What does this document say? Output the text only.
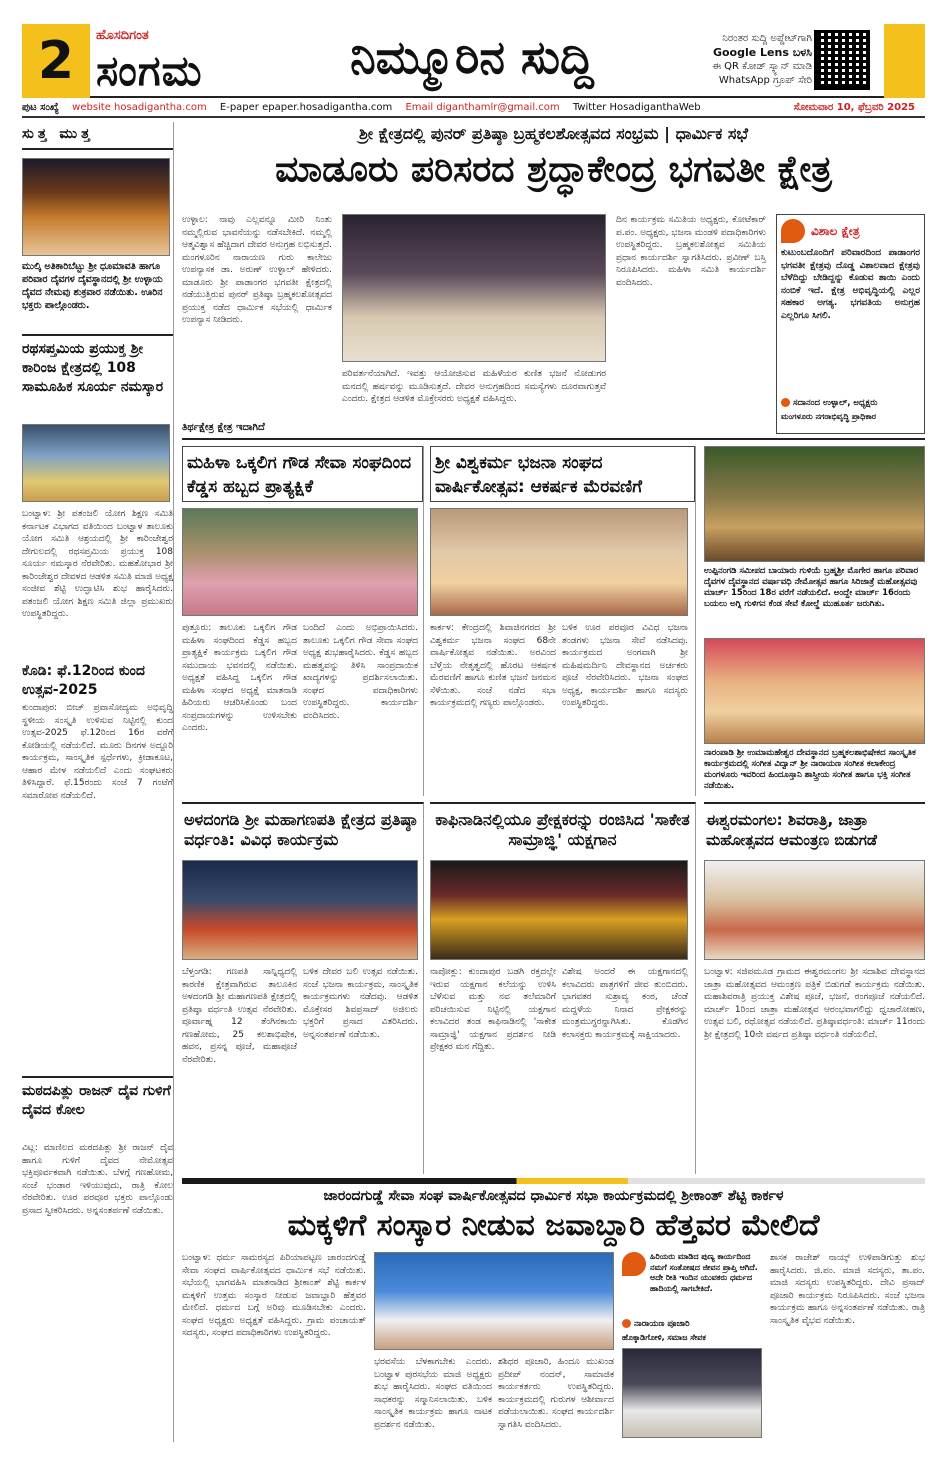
2	ಹೊಸದಿಗಂತ
ಸಂಗಮ	ನಿಮ್ಮೂರಿನ ಸುದ್ದಿ	ನಿರಂತರ ಸುದ್ದಿ ಅಪ್ಡೇಟ್‌ಗಾಗಿ
Google Lens ಬಳಸಿ
ಈ QR ಕೋಡ್ ಸ್ಕ್ಯಾನ್ ಮಾಡಿ
WhatsApp ಗ್ರೂಪ್ ಸೇರಿ
ಪುಟ ಸಂಖ್ಯೆ website hosadigantha.com E-paper epaper.hosadigantha.com Email diganthamlr@gmail.com Twitter HosadiganthaWeb	ಸೋಮವಾರ 10, ಫೆಬ್ರವರಿ 2025
ಸುತ್ತ ಮುತ್ತ
ಮುಲ್ಕಿ ಅತಿಕಾರಿಬೆಟ್ಟು ಶ್ರೀ ಧೂಮಾವತಿ ಹಾಗೂ ಪರಿವಾರ ದೈವಗಳ ದೈವಸ್ಥಾನದಲ್ಲಿ ಶ್ರೀ ಉಳ್ಳಾಯ ದೈವದ ನೇಮವು ಶುಕ್ರವಾರ ನಡೆಯಿತು. ಊರಿನ ಭಕ್ತರು ಪಾಲ್ಗೊಂಡರು.
ರಥಸಪ್ತಮಿಯ ಪ್ರಯುಕ್ತ ಶ್ರೀ ಕಾರಿಂಜ ಕ್ಷೇತ್ರದಲ್ಲಿ 108 ಸಾಮೂಹಿಕ ಸೂರ್ಯ ನಮಸ್ಕಾರ
ಬಂಟ್ವಾಳ: ಶ್ರೀ ಪತಂಜಲಿ ಯೋಗ ಶಿಕ್ಷಣ ಸಮಿತಿ ಕರ್ನಾಟಕ ವಿಭಾಗದ ವತಿಯಿಂದ ಬಂಟ್ವಾಳ ತಾಲೂಕು ಯೋಗ ಸಮಿತಿ ಆಶ್ರಯದಲ್ಲಿ ಶ್ರೀ ಕಾರಿಂಜೇಶ್ವರ ದೇಗುಲದಲ್ಲಿ ರಥಸಪ್ತಮಿಯ ಪ್ರಯುಕ್ತ 108 ಸೂರ್ಯ ನಮಸ್ಕಾರ ನೆರವೇರಿತು. ಮಹತೋಭಾರ ಶ್ರೀ ಕಾರಿಂಜೇಶ್ವರ ದೇವಳದ ಆಡಳಿತ ಸಮಿತಿ ಮಾಜಿ ಅಧ್ಯಕ್ಷ ಸಂಜೀವ ಶೆಟ್ಟಿ ಉದ್ಘಾಟಿಸಿ ಶುಭ ಹಾರೈಸಿದರು. ಪತಂಜಲಿ ಯೋಗ ಶಿಕ್ಷಣ ಸಮಿತಿ ಜಿಲ್ಲಾ ಪ್ರಮುಖರು ಉಪಸ್ಥಿತರಿದ್ದರು.
ಕೊಡಿ: ಫೆ.12ರಿಂದ ಕುಂದ ಉತ್ಸವ-2025
ಕುಂದಾಪುರ: ಬೀಚ್ ಪ್ರವಾಸೋದ್ಯಮ ಅಭಿವೃದ್ಧಿ ಸ್ಥಳೀಯ ಸಂಸ್ಕೃತಿ ಉಳಿಸುವ ನಿಟ್ಟಿನಲ್ಲಿ ಕುಂದ ಉತ್ಸವ-2025 ಫೆ.12ರಿಂದ 16ರ ವರೆಗೆ ಕೋಡಿಯಲ್ಲಿ ನಡೆಯಲಿದೆ. ಮೂರು ದಿನಗಳ ಅದ್ದೂರಿ ಕಾರ್ಯಕ್ರಮ, ಸಾಂಸ್ಕೃತಿಕ ಸ್ಪರ್ಧೆಗಳು, ಕ್ರೀಡಾಕೂಟ, ಆಹಾರ ಮೇಳ ನಡೆಯಲಿದೆ ಎಂದು ಸಂಘಟಕರು ತಿಳಿಸಿದ್ದಾರೆ. ಫೆ.15ರಂದು ಸಂಜೆ 7 ಗಂಟೆಗೆ ಸಮಾರೋಪ ನಡೆಯಲಿದೆ.
ಮಠದಪಿತ್ಲು ರಾಜನ್ ದೈವ ಗುಳಿಗೆ ದೈವದ ಕೋಲ
ವಿಟ್ಲ: ಮಾಣಿಲದ ಮಠದಪಿತ್ಲು ಶ್ರೀ ರಾಜನ್ ದೈವ ಹಾಗೂ ಗುಳಿಗೆ ದೈವದ ನೇಮೋತ್ಸವ ಭಕ್ತಿಪೂರ್ವಕವಾಗಿ ನಡೆಯಿತು. ಬೆಳಗ್ಗೆ ಗಣಹೋಮ, ಸಂಜೆ ಭಂಡಾರ ಇಳಿಯುವುದು, ರಾತ್ರಿ ಕೋಲ ನೆರವೇರಿತು. ಊರ ಪರವೂರ ಭಕ್ತರು ಪಾಲ್ಗೊಂಡು ಪ್ರಸಾದ ಸ್ವೀಕರಿಸಿದರು. ಅನ್ನಸಂತರ್ಪಣೆ ನಡೆಯಿತು.
ಶ್ರೀ ಕ್ಷೇತ್ರದಲ್ಲಿ ಪುನರ್ ಪ್ರತಿಷ್ಠಾ ಬ್ರಹ್ಮಕಲಶೋತ್ಸವದ ಸಂಭ್ರಮ | ಧಾರ್ಮಿಕ ಸಭೆ
ಮಾಡೂರು ಪರಿಸರದ ಶ್ರದ್ಧಾಕೇಂದ್ರ ಭಗವತೀ ಕ್ಷೇತ್ರ
ಉಳ್ಳಾಲ: ನಾವು ಎಲ್ಲವನ್ನೂ ಮೀರಿ ನಿಂತು ನಮ್ಮಲ್ಲಿರುವ ಭಾವನೆಯನ್ನು ನಡೆಸಬೇಕಿದೆ. ನಮ್ಮಲ್ಲಿ ಆತ್ಮವಿಶ್ವಾಸ ಹೆಚ್ಚಿದಾಗ ದೇವರ ಅನುಗ್ರಹ ಲಭಿಸುತ್ತದೆ. ಮಂಗಳೂರಿನ ನಾರಾಯಣ ಗುರು ಕಾಲೇಜು ಉಪನ್ಯಾಸಕ ಡಾ. ಅರುಣ್ ಉಳ್ಳಾಲ್ ಹೇಳಿದರು. ಮಾಡೂರು ಶ್ರೀ ಪಾಡಾಂಗರ ಭಗವತೀ ಕ್ಷೇತ್ರದಲ್ಲಿ ನಡೆಯುತ್ತಿರುವ ಪುನರ್ ಪ್ರತಿಷ್ಠಾ ಬ್ರಹ್ಮಕಲಶೋತ್ಸವದ ಪ್ರಯುಕ್ತ ನಡೆದ ಧಾರ್ಮಿಕ ಸಭೆಯಲ್ಲಿ ಧಾರ್ಮಿಕ ಉಪನ್ಯಾಸ ನೀಡಿದರು.
ಪರಿವರ್ತನೆಯಾಗಿದೆ. ಇವತ್ತು ಆಯೋಜಿಸುವ ಮಹಿಳೆಯರ ಕುಣಿತ ಭಜನೆ ನೋಡುಗರ ಮನದಲ್ಲಿ ಹರ್ಷವನ್ನು ಮೂಡಿಸುತ್ತದೆ. ದೇವರ ಅನುಗ್ರಹದಿಂದ ಸಮಸ್ಯೆಗಳು ದೂರವಾಗುತ್ತವೆ ಎಂದರು. ಕ್ಷೇತ್ರದ ಆಡಳಿತ ಮೊಕ್ತೇಸರರು ಅಧ್ಯಕ್ಷತೆ ವಹಿಸಿದ್ದರು.
ದಿನ ಕಾರ್ಯಕ್ರಮ ಸಮಿತಿಯ ಅಧ್ಯಕ್ಷರು, ಕೋಟೆಕಾರ್ ಪ.ಪಂ. ಅಧ್ಯಕ್ಷರು, ಭಜನಾ ಮಂಡಳಿ ಪದಾಧಿಕಾರಿಗಳು ಉಪಸ್ಥಿತರಿದ್ದರು. ಬ್ರಹ್ಮಕಲಶೋತ್ಸವ ಸಮಿತಿಯ ಪ್ರಧಾನ ಕಾರ್ಯದರ್ಶಿ ಸ್ವಾಗತಿಸಿದರು. ಪ್ರವೀಣ್ ಬಸ್ತಿ ನಿರೂಪಿಸಿದರು. ಮಹಿಳಾ ಸಮಿತಿ ಕಾರ್ಯದರ್ಶಿ ವಂದಿಸಿದರು.
ತಿರ್ಥಕ್ಷೇತ್ರ ಕ್ಷೇತ್ರ ಇದಾಗಿದೆ
ವಿಶಾಲ ಕ್ಷೇತ್ರ
ಕುಟುಂಬದೊಂದಿಗೆ ಪರಿವಾರದಿಂದ ಪಾಡಾಂಗರ ಭಗವತೀ ಕ್ಷೇತ್ರವು ದೊಡ್ಡ ವಿಶಾಲವಾದ ಕ್ಷೇತ್ರವು ಬೆಳೆದಿದ್ದು ಬೇಡಿದ್ದನ್ನು ಕೊಡುವ ತಾಯಿ ಎಂದು ನಂಬಿಕೆ ಇದೆ. ಕ್ಷೇತ್ರ ಅಭಿವೃದ್ಧಿಯಲ್ಲಿ ಎಲ್ಲರ ಸಹಕಾರ ಅಗತ್ಯ. ಭಗವತಿಯ ಅನುಗ್ರಹ ಎಲ್ಲರಿಗೂ ಸಿಗಲಿ.
ಸದಾನಂದ ಉಳ್ಳಾಲ್, ಅಧ್ಯಕ್ಷರು
ಮಂಗಳೂರು ನಗರಾಭಿವೃದ್ಧಿ ಪ್ರಾಧಿಕಾರ
ಮಹಿಳಾ ಒಕ್ಕಲಿಗ ಗೌಡ ಸೇವಾ ಸಂಘದಿಂದ ಕೆಡ್ಡಸ ಹಬ್ಬದ ಪ್ರಾತ್ಯಕ್ಷಿಕೆ
ಪುತ್ತೂರು: ತಾಲೂಕು ಒಕ್ಕಲಿಗ ಗೌಡ ಮಹಿಳಾ ಸಂಘದಿಂದ ಕೆಡ್ಡಸ ಹಬ್ಬದ ಪ್ರಾತ್ಯಕ್ಷಿಕೆ ಕಾರ್ಯಕ್ರಮ ಒಕ್ಕಲಿಗ ಗೌಡ ಸಮುದಾಯ ಭವನದಲ್ಲಿ ನಡೆಯಿತು. ಅಧ್ಯಕ್ಷತೆ ವಹಿಸಿದ್ದ ಒಕ್ಕಲಿಗ ಗೌಡ ಮಹಿಳಾ ಸಂಘದ ಅಧ್ಯಕ್ಷೆ ಮಾತನಾಡಿ ಹಿರಿಯರು ಆಚರಿಸಿಕೊಂಡು ಬಂದ ಸಂಪ್ರದಾಯಗಳನ್ನು ಉಳಿಸಬೇಕು ಎಂದರು.
ಬಂದಿದೆ ಎಂದು ಅಭಿಪ್ರಾಯಿಸಿದರು. ತಾಲೂಕು ಒಕ್ಕಲಿಗ ಗೌಡ ಸೇವಾ ಸಂಘದ ಅಧ್ಯಕ್ಷ ಶುಭಹಾರೈಸಿದರು. ಕೆಡ್ಡಸ ಹಬ್ಬದ ಮಹತ್ವವನ್ನು ತಿಳಿಸಿ ಸಾಂಪ್ರದಾಯಿಕ ಖಾದ್ಯಗಳನ್ನು ಪ್ರದರ್ಶಿಸಲಾಯಿತು. ಸಂಘದ ಪದಾಧಿಕಾರಿಗಳು ಉಪಸ್ಥಿತರಿದ್ದರು. ಕಾರ್ಯದರ್ಶಿ ವಂದಿಸಿದರು.
ಶ್ರೀ ವಿಶ್ವಕರ್ಮ ಭಜನಾ ಸಂಘದ ವಾರ್ಷಿಕೋತ್ಸವ: ಆಕರ್ಷಕ ಮೆರವಣಿಗೆ
ಕಾರ್ಕಳ: ಕೇಂದ್ರದಲ್ಲಿ ಶಿವಾಜಿನಗರದ ಶ್ರೀ ವಿಶ್ವಕರ್ಮ ಭಜನಾ ಸಂಘದ 68ನೇ ವಾರ್ಷಿಕೋತ್ಸವ ನಡೆಯಿತು. ಅರವಿಂದ ಬೆಳ್ತೆಯ ನೇತೃತ್ವದಲ್ಲಿ ಹೊರಟ ಆಕರ್ಷಕ ಮೆರವಣಿಗೆ ಹಾಗೂ ಕುಣಿತ ಭಜನೆ ಜನಮನ ಸೆಳೆಯಿತು. ಸಂಜೆ ನಡೆದ ಸಭಾ ಕಾರ್ಯಕ್ರಮದಲ್ಲಿ ಗಣ್ಯರು ಪಾಲ್ಗೊಂಡರು.
ಬಳಿಕ ಊರ ಪರವೂರ ವಿವಿಧ ಭಜನಾ ತಂಡಗಳು ಭಜನಾ ಸೇವೆ ನಡೆಸಿದವು. ಕಾರ್ಯಕ್ರಮದ ಅಂಗವಾಗಿ ಶ್ರೀ ಮಹಿಷಮರ್ದಿನಿ ದೇವಸ್ಥಾನದ ಅರ್ಚಕರು ಪೂಜೆ ನೆರವೇರಿಸಿದರು. ಭಜನಾ ಸಂಘದ ಅಧ್ಯಕ್ಷ, ಕಾರ್ಯದರ್ಶಿ ಹಾಗೂ ಸದಸ್ಯರು ಉಪಸ್ಥಿತರಿದ್ದರು.
ಉಪ್ಪಿನಂಗಡಿ ಸಮೀಪದ ಬಾಯಾರು ಗುಳಿಯೆ ಬ್ರಹ್ಮಶ್ರೀ ಮೊಗೇರ ಹಾಗೂ ಪರಿವಾರ ದೈವಗಳ ದೈವಸ್ಥಾನದ ವರ್ಷಾವಧಿ ನೇಮೋತ್ಸವ ಹಾಗೂ ಸಿರಿಜಾತ್ರೆ ಮಹೋತ್ಸವವು ಮಾರ್ಚ್ 15ರಿಂದ 18ರ ವರೆಗೆ ನಡೆಯಲಿದೆ. ಅಂದ್ದೇ ಮಾರ್ಚ್ 16ರಂದು ಬಯಲು ಅಗ್ನಿ ಗುಳಿಗನ ಕೆಂಡ ಸೇವೆ ಕೋಲ್ಡೆ ಮುಹೂರ್ತ ಜರುಗಿತು.
ನಾರಂಪಾಡಿ ಶ್ರೀ ಉಮಾಮಹೇಶ್ವರ ದೇವಸ್ಥಾನದ ಬ್ರಹ್ಮಕಲಶಾಭಿಷೇಕದ ಸಾಂಸ್ಕೃತಿಕ ಕಾರ್ಯಕ್ರಮದಲ್ಲಿ ಸಂಗೀತ ವಿದ್ವಾನ್ ಶ್ರೀ ನಾರಾಯಣ ಸಂಗೀತ ಕಲಾಕೇಂದ್ರ ಮಂಗಳೂರು ಇವರಿಂದ ಹಿಂದೂಸ್ತಾನಿ ಶಾಸ್ತ್ರೀಯ ಸಂಗೀತ ಹಾಗೂ ಭಕ್ತಿ ಸಂಗೀತ ನಡೆಯಿತು.
ಅಳದಂಗಡಿ ಶ್ರೀ ಮಹಾಗಣಪತಿ ಕ್ಷೇತ್ರದ ಪ್ರತಿಷ್ಠಾ ವರ್ಧಂತಿ: ವಿವಿಧ ಕಾರ್ಯಕ್ರಮ
ಬೆಳ್ತಂಗಡಿ: ಗಣಪತಿ ಸಾನ್ನಿಧ್ಯದಲ್ಲಿ ಕಾರಣಿಕ ಕ್ಷೇತ್ರವಾಗಿರುವ ತಾಲೂಕಿನ ಅಳದಂಗಡಿ ಶ್ರೀ ಮಹಾಗಣಪತಿ ಕ್ಷೇತ್ರದಲ್ಲಿ ಪ್ರತಿಷ್ಠಾ ವರ್ಧಂತಿ ಉತ್ಸವ ನೆರವೇರಿತು. ಪೂರ್ವಾಹ್ನ 12 ತೆಂಗಿನಕಾಯಿ ಗಣಹೋಮ, 25 ಕಲಶಾಭಿಷೇಕ, ಹವನ, ಪ್ರಸನ್ನ ಪೂಜೆ, ಮಹಾಪೂಜೆ ನೆರವೇರಿತು.
ಬಳಿಕ ದೇವರ ಬಲಿ ಉತ್ಸವ ನಡೆಯಿತು. ಸಂಜೆ ಭಜನಾ ಕಾರ್ಯಕ್ರಮ, ಸಾಂಸ್ಕೃತಿಕ ಕಾರ್ಯಕ್ರಮಗಳು ನಡೆದವು. ಆಡಳಿತ ಮೊಕ್ತೇಸರ ಶಿವಪ್ರಸಾದ್ ಅಜಿಲರು ಭಕ್ತರಿಗೆ ಪ್ರಸಾದ ವಿತರಿಸಿದರು. ಅನ್ನಸಂತರ್ಪಣೆ ನಡೆಯಿತು.
ಕಾಫಿನಾಡಿನಲ್ಲಿಯೂ ಪ್ರೇಕ್ಷಕರನ್ನು ರಂಜಿಸಿದ 'ಸಾಕೇತ ಸಾಮ್ರಾಜ್ಞಿ' ಯಕ್ಷಗಾನ
ನಾಪೋಕ್ಲು: ಕುಂದಾಪುರ ಬಡಗಿ ರಕ್ತದಲ್ಲೇ ಇರುವ ಯಕ್ಷಗಾನ ಕಲೆಯನ್ನು ಉಳಿಸಿ ಬೆಳೆಸುವ ಮತ್ತು ನವ ತಲೆಮಾರಿಗೆ ಪರಿಚಯಿಸುವ ನಿಟ್ಟಿನಲ್ಲಿ ಯಕ್ಷಗಾನ ಕಲಾವಿದರ ತಂಡ ಕಾಫಿನಾಡಿನಲ್ಲಿ 'ಸಾಕೇತ ಸಾಮ್ರಾಜ್ಞಿ' ಯಕ್ಷಗಾನ ಪ್ರದರ್ಶನ ನೀಡಿ ಪ್ರೇಕ್ಷಕರ ಮನ ಗೆದ್ದಿತು.
ವಿಶೇಷ ಅಂದರೆ ಈ ಯಕ್ಷಗಾನದಲ್ಲಿ ಕಲಾವಿದರು ಪಾತ್ರಗಳಿಗೆ ಜೀವ ತುಂಬಿದರು. ಭಾಗವತರ ಸುಶ್ರಾವ್ಯ ಕಂಠ, ಚೆಂಡೆ ಮದ್ದಳೆಯ ನಿನಾದ ಪ್ರೇಕ್ಷಕರನ್ನು ಮಂತ್ರಮುಗ್ಧರನ್ನಾಗಿಸಿತು. ಕೊಡಗಿನ ಕಲಾಸಕ್ತರು ಕಾರ್ಯಕ್ರಮಕ್ಕೆ ಸಾಕ್ಷಿಯಾದರು.
ಈಶ್ವರಮಂಗಲ: ಶಿವರಾತ್ರಿ, ಜಾತ್ರಾ ಮಹೋತ್ಸವದ ಆಮಂತ್ರಣ ಬಿಡುಗಡೆ
ಬಂಟ್ವಾಳ: ಸಜಿಪಮೂಡ ಗ್ರಾಮದ ಈಶ್ವರಮಂಗಲ ಶ್ರೀ ಸದಾಶಿವ ದೇವಸ್ಥಾನದ ಜಾತ್ರಾ ಮಹೋತ್ಸವದ ಆಮಂತ್ರಣ ಪತ್ರಿಕೆ ಬಿಡುಗಡೆ ಕಾರ್ಯಕ್ರಮ ನಡೆಯಿತು. ಮಹಾಶಿವರಾತ್ರಿ ಪ್ರಯುಕ್ತ ವಿಶೇಷ ಪೂಜೆ, ಭಜನೆ, ರಂಗಪೂಜೆ ನಡೆಯಲಿದೆ. ಮಾರ್ಚ್ 1ರಿಂದ ಜಾತ್ರಾ ಮಹೋತ್ಸವ ಆರಂಭವಾಗಲಿದ್ದು ಧ್ವಜಾರೋಹಣ, ಉತ್ಸವ ಬಲಿ, ರಥೋತ್ಸವ ನಡೆಯಲಿದೆ. ಪ್ರತಿಷ್ಠಾವರ್ಧಂತಿ: ಮಾರ್ಚ್ 11ರಂದು ಶ್ರೀ ಕ್ಷೇತ್ರದಲ್ಲಿ 10ನೇ ವರ್ಷದ ಪ್ರತಿಷ್ಠಾ ವರ್ಧಂತಿ ನಡೆಯಲಿದೆ.
ಜಾರಂದಗುಡ್ಡೆ ಸೇವಾ ಸಂಘ ವಾರ್ಷಿಕೋತ್ಸವದ ಧಾರ್ಮಿಕ ಸಭಾ ಕಾರ್ಯಕ್ರಮದಲ್ಲಿ ಶ್ರೀಕಾಂತ್ ಶೆಟ್ಟಿ ಕಾರ್ಕಳ
ಮಕ್ಕಳಿಗೆ ಸಂಸ್ಕಾರ ನೀಡುವ ಜವಾಬ್ದಾರಿ ಹೆತ್ತವರ ಮೇಲಿದೆ
ಬಂಟ್ವಾಳ: ಧರ್ಮ ಸಾಮರಸ್ಯದ ಪಿರಿಯಾಪಟ್ಟಣ ಜಾರಂದಗುಡ್ಡೆ ಸೇವಾ ಸಂಘದ ವಾರ್ಷಿಕೋತ್ಸವದ ಧಾರ್ಮಿಕ ಸಭೆ ನಡೆಯಿತು. ಸಭೆಯಲ್ಲಿ ಭಾಗವಹಿಸಿ ಮಾತನಾಡಿದ ಶ್ರೀಕಾಂತ್ ಶೆಟ್ಟಿ ಕಾರ್ಕಳ ಮಕ್ಕಳಿಗೆ ಉತ್ತಮ ಸಂಸ್ಕಾರ ನೀಡುವ ಜವಾಬ್ದಾರಿ ಹೆತ್ತವರ ಮೇಲಿದೆ. ಧರ್ಮದ ಬಗ್ಗೆ ಅರಿವು ಮೂಡಿಸಬೇಕು ಎಂದರು. ಸಂಘದ ಅಧ್ಯಕ್ಷರು ಅಧ್ಯಕ್ಷತೆ ವಹಿಸಿದ್ದರು. ಗ್ರಾಮ ಪಂಚಾಯತ್ ಸದಸ್ಯರು, ಸಂಘದ ಪದಾಧಿಕಾರಿಗಳು ಉಪಸ್ಥಿತರಿದ್ದರು.
ಭರವಸೆಯ ಬೆಳಕಾಗಬೇಕು ಎಂದರು. ಬಂಟ್ವಾಳ ಪುರಸಭೆಯ ಮಾಜಿ ಅಧ್ಯಕ್ಷರು ಶುಭ ಹಾರೈಸಿದರು. ಸಂಘದ ವತಿಯಿಂದ ಸಾಧಕರನ್ನು ಸನ್ಮಾನಿಸಲಾಯಿತು. ಬಳಿಕ ಸಾಂಸ್ಕೃತಿಕ ಕಾರ್ಯಕ್ರಮ ಹಾಗೂ ನಾಟಕ ಪ್ರದರ್ಶನ ನಡೆಯಿತು.
ಶಶಿಧರ ಪೂಜಾರಿ, ಹಿಂದೂ ಮುಖಂಡ ಪ್ರದೀಪ್ ನಂದನ್, ಸಾಮಾಜಿಕ ಕಾರ್ಯಕರ್ತರು ಉಪಸ್ಥಿತರಿದ್ದರು. ಕಾರ್ಯಕ್ರಮದಲ್ಲಿ ಗುರುಗಳ ಆಶೀರ್ವಾದ ಪಡೆಯಲಾಯಿತು. ಸಂಘದ ಕಾರ್ಯದರ್ಶಿ ಸ್ವಾಗತಿಸಿ ವಂದಿಸಿದರು.
ಹಿರಿಯರು ಮಾಡಿದ ಪುಣ್ಯ ಕಾರ್ಯದಿಂದ ನಮಗೆ ಸಂತೋಷದ ಜೀವನ ಪ್ರಾಪ್ತಿ ಆಗಿದೆ. ಅದೇ ರೀತಿ ಇಂದಿನ ಯುವಕರು ಧರ್ಮದ ಹಾದಿಯಲ್ಲಿ ಸಾಗಬೇಕಿದೆ.
ನಾರಾಯಣ ಪೂಜಾರಿ
ಹೊಕ್ಕಾಡಿಗೋಳಿ, ಸಮಾಜ ಸೇವಕ
ಶಾಸಕ ರಾಜೇಶ್ ನಾಯ್ಕ್ ಉಳಿಪಾಡಿಗುತ್ತು ಶುಭ ಹಾರೈಸಿದರು. ಜಿ.ಪಂ. ಮಾಜಿ ಸದಸ್ಯರು, ತಾ.ಪಂ. ಮಾಜಿ ಸದಸ್ಯರು ಉಪಸ್ಥಿತರಿದ್ದರು. ದೇವಿ ಪ್ರಸಾದ್ ಪೂಜಾರಿ ಕಾರ್ಯಕ್ರಮ ನಿರೂಪಿಸಿದರು. ಸಂಜೆ ಭಜನಾ ಕಾರ್ಯಕ್ರಮ ಹಾಗೂ ಅನ್ನಸಂತರ್ಪಣೆ ನಡೆಯಿತು. ರಾತ್ರಿ ಸಾಂಸ್ಕೃತಿಕ ವೈಭವ ನಡೆಯಿತು.
